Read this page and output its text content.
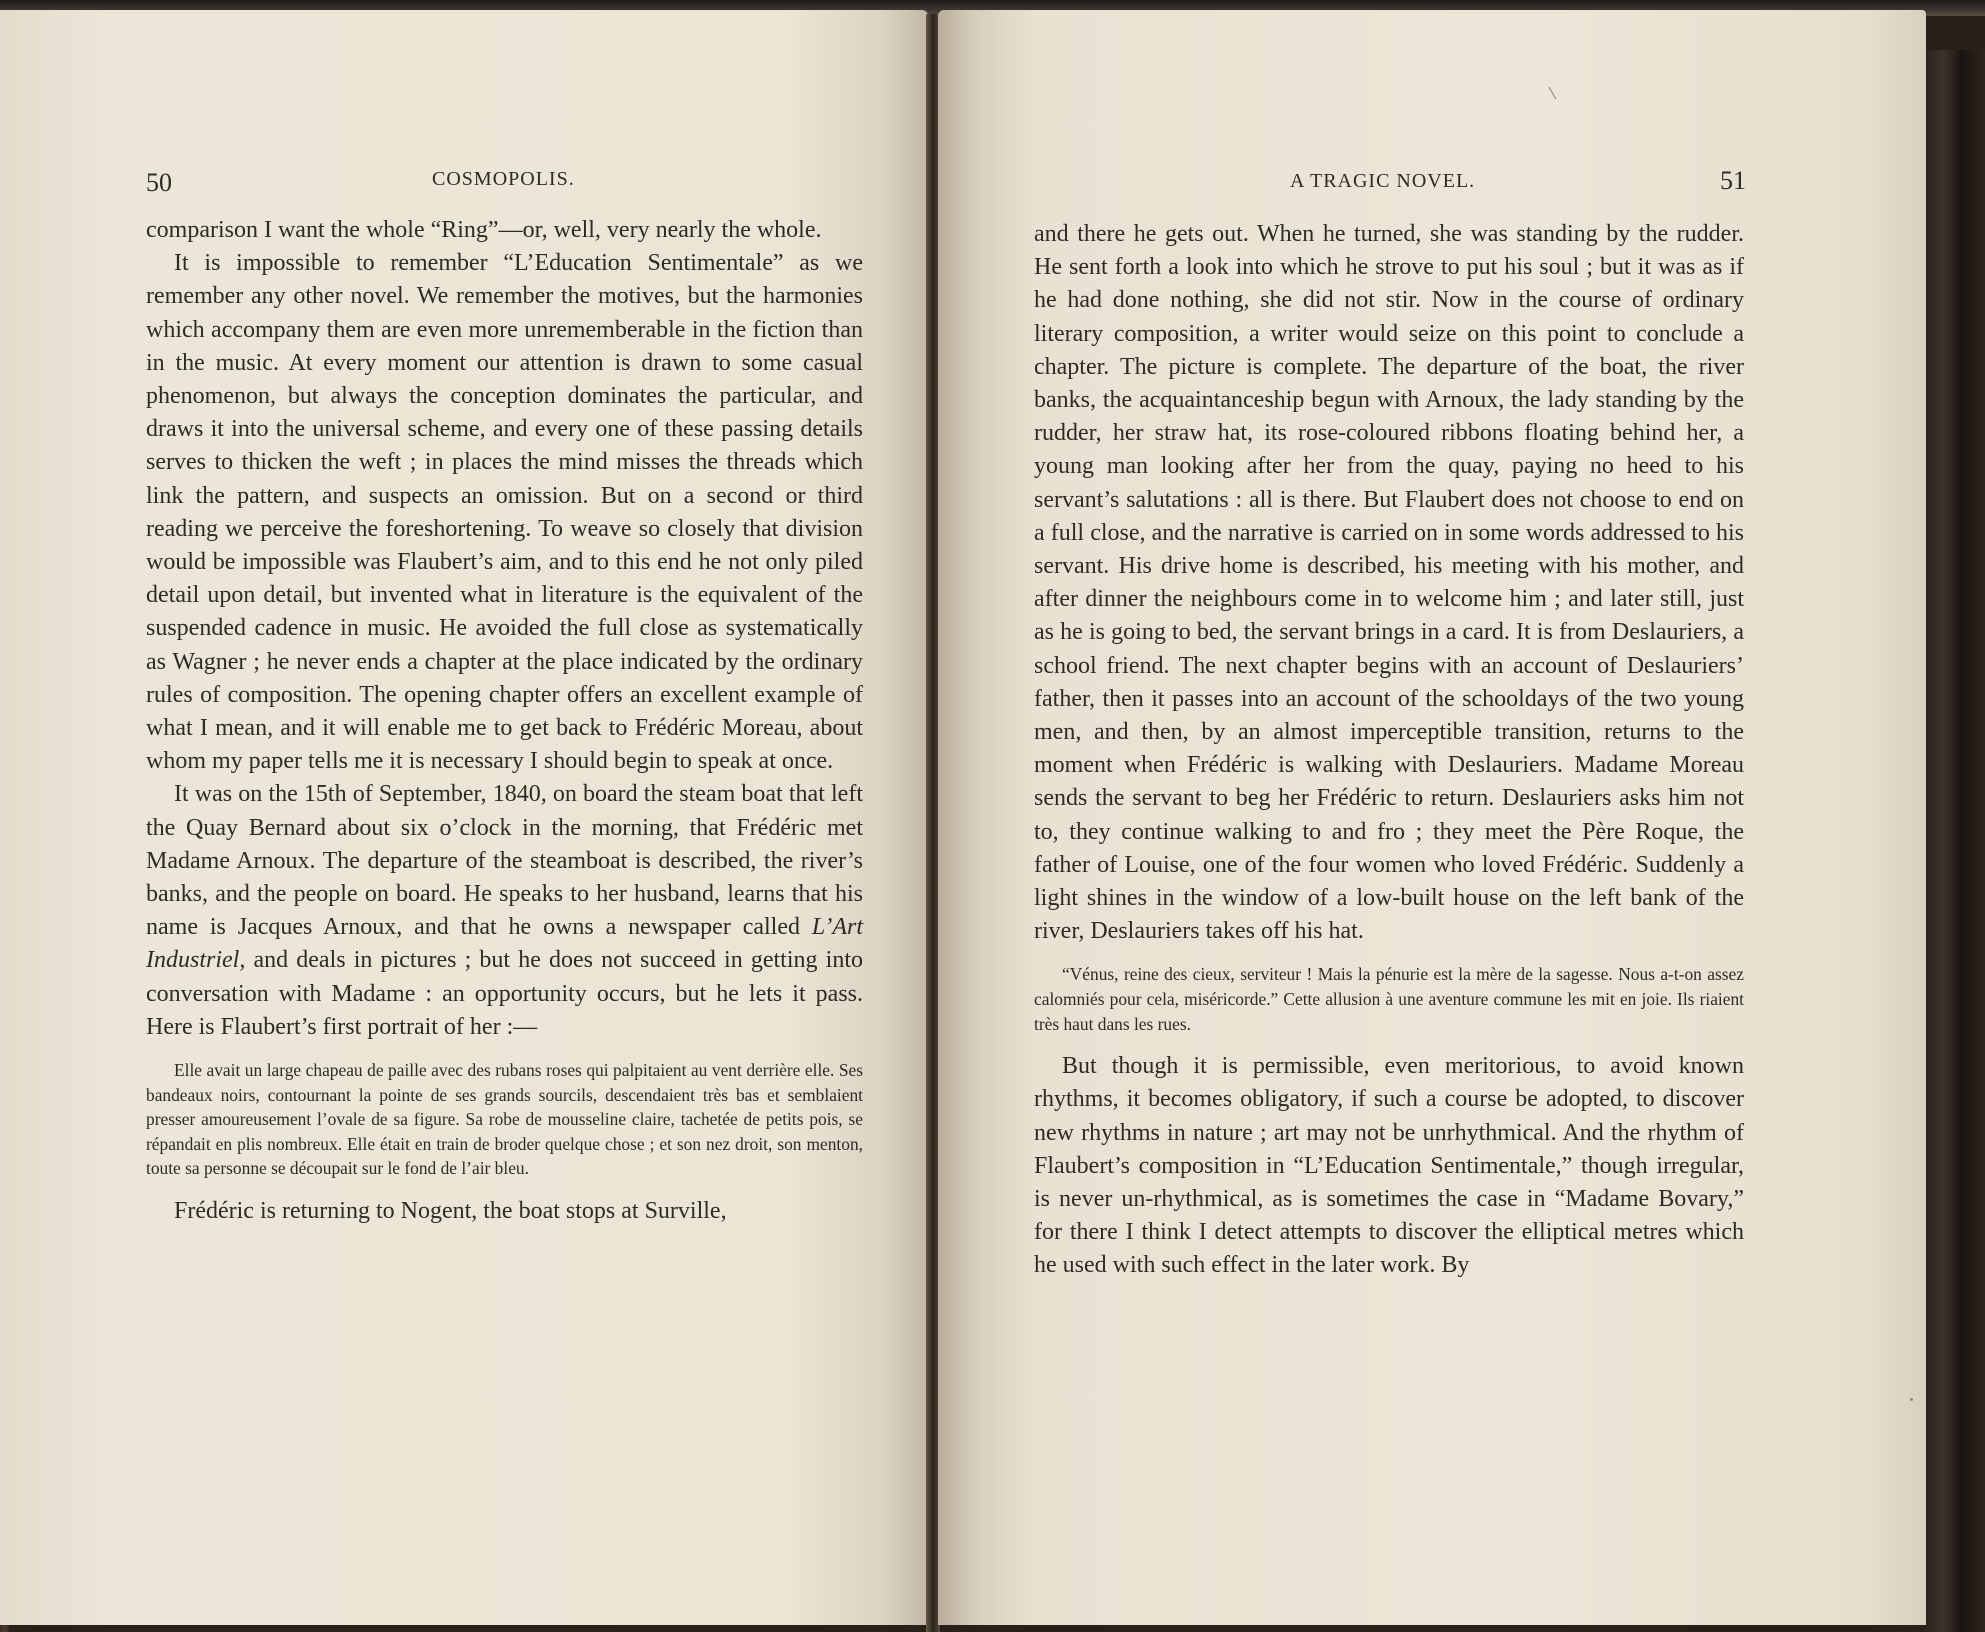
50	COSMOPOLIS.

comparison I want the whole “Ring”—or, well, very nearly the whole.

It is impossible to remember “L’Education Sentimentale” as we remember any other novel. We remember the motives, but the harmonies which accompany them are even more unrememberable in the fiction than in the music. At every moment our attention is drawn to some casual phenomenon, but always the conception dominates the particular, and draws it into the universal scheme, and every one of these passing details serves to thicken the weft ; in places the mind misses the threads which link the pattern, and suspects an omission. But on a second or third reading we perceive the foreshortening. To weave so closely that division would be impossible was Flaubert’s aim, and to this end he not only piled detail upon detail, but invented what in literature is the equivalent of the suspended cadence in music. He avoided the full close as systematically as Wagner ; he never ends a chapter at the place indicated by the ordinary rules of composition. The opening chapter offers an excellent example of what I mean, and it will enable me to get back to Frédéric Moreau, about whom my paper tells me it is necessary I should begin to speak at once.

It was on the 15th of September, 1840, on board the steam boat that left the Quay Bernard about six o’clock in the morning, that Frédéric met Madame Arnoux. The departure of the steamboat is described, the river’s banks, and the people on board. He speaks to her husband, learns that his name is Jacques Arnoux, and that he owns a newspaper called L’Art Industriel, and deals in pictures ; but he does not succeed in getting into conversation with Madame : an opportunity occurs, but he lets it pass. Here is Flaubert’s first portrait of her :—

Elle avait un large chapeau de paille avec des rubans roses qui palpitaient au vent derrière elle. Ses bandeaux noirs, contournant la pointe de ses grands sourcils, descendaient très bas et semblaient presser amoureusement l’ovale de sa figure. Sa robe de mousseline claire, tachetée de petits pois, se répandait en plis nombreux. Elle était en train de broder quelque chose ; et son nez droit, son menton, toute sa personne se découpait sur le fond de l’air bleu.

Frédéric is returning to Nogent, the boat stops at Surville,

A TRAGIC NOVEL.	51

and there he gets out. When he turned, she was standing by the rudder. He sent forth a look into which he strove to put his soul ; but it was as if he had done nothing, she did not stir. Now in the course of ordinary literary composition, a writer would seize on this point to conclude a chapter. The picture is complete. The departure of the boat, the river banks, the acquaintanceship begun with Arnoux, the lady standing by the rudder, her straw hat, its rose-coloured ribbons floating behind her, a young man looking after her from the quay, paying no heed to his servant’s salutations : all is there. But Flaubert does not choose to end on a full close, and the narrative is carried on in some words addressed to his servant. His drive home is described, his meeting with his mother, and after dinner the neighbours come in to welcome him ; and later still, just as he is going to bed, the servant brings in a card. It is from Deslauriers, a school friend. The next chapter begins with an account of Deslauriers’ father, then it passes into an account of the schooldays of the two young men, and then, by an almost imperceptible transition, returns to the moment when Frédéric is walking with Deslauriers. Madame Moreau sends the servant to beg her Frédéric to return. Deslauriers asks him not to, they continue walking to and fro ; they meet the Père Roque, the father of Louise, one of the four women who loved Frédéric. Suddenly a light shines in the window of a low-built house on the left bank of the river, Deslauriers takes off his hat.

“Vénus, reine des cieux, serviteur ! Mais la pénurie est la mère de la sagesse. Nous a-t-on assez calomniés pour cela, miséricorde.” Cette allusion à une aventure commune les mit en joie. Ils riaient très haut dans les rues.

But though it is permissible, even meritorious, to avoid known rhythms, it becomes obligatory, if such a course be adopted, to discover new rhythms in nature ; art may not be unrhythmical. And the rhythm of Flaubert’s composition in “L’Education Sentimentale,” though irregular, is never un-rhythmical, as is sometimes the case in “Madame Bovary,” for there I think I detect attempts to discover the elliptical metres which he used with such effect in the later work. By
